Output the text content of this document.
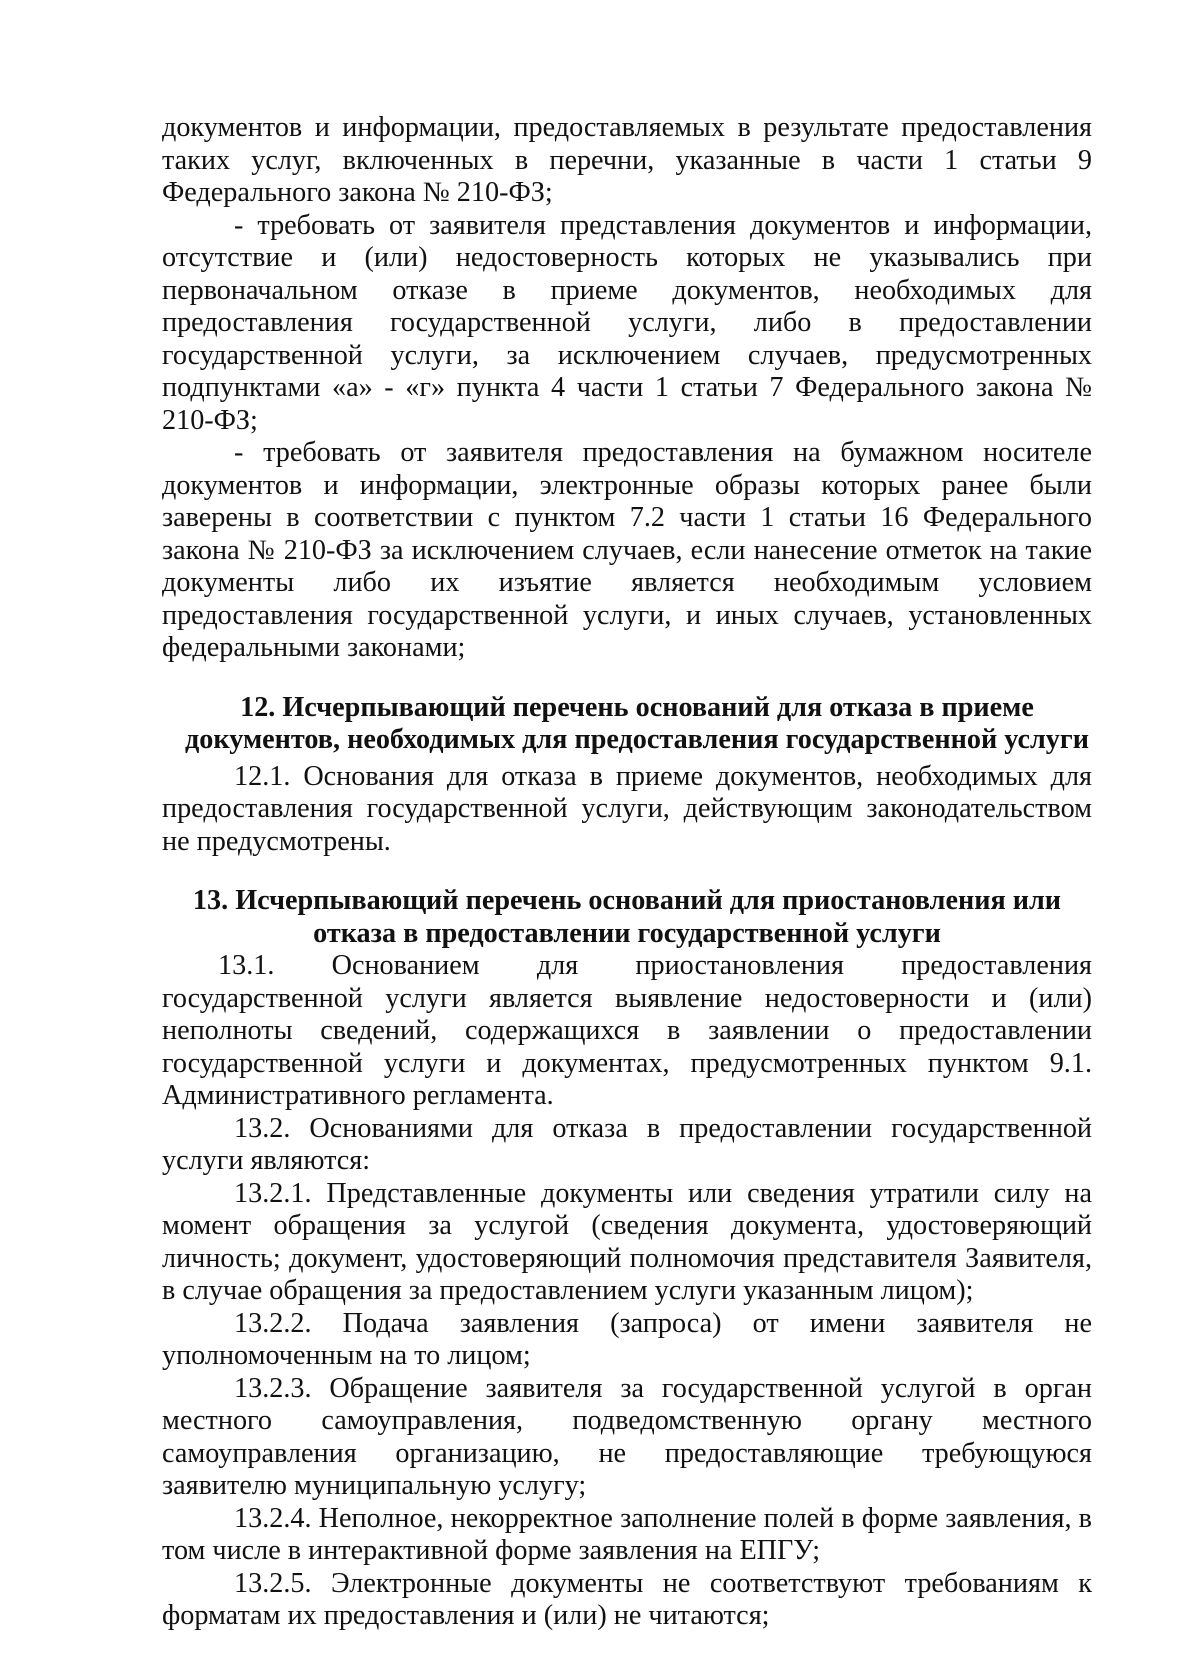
документов и информации, предоставляемых в результате предоставления таких услуг, включенных в перечни, указанные в части 1 статьи 9 Федерального закона № 210-ФЗ;

- требовать от заявителя представления документов и информации, отсутствие и (или) недостоверность которых не указывались при первоначальном отказе в приеме документов, необходимых для предоставления государственной услуги, либо в предоставлении государственной услуги, за исключением случаев, предусмотренных подпунктами «а» - «г» пункта 4 части 1 статьи 7 Федерального закона № 210-ФЗ;

- требовать от заявителя предоставления на бумажном носителе документов и информации, электронные образы которых ранее были заверены в соответствии с пунктом 7.2 части 1 статьи 16 Федерального закона № 210-ФЗ за исключением случаев, если нанесение отметок на такие документы либо их изъятие является необходимым условием предоставления государственной услуги, и иных случаев, установленных федеральными законами;

12. Исчерпывающий перечень оснований для отказа в приеме
документов, необходимых для предоставления государственной услуги

12.1. Основания для отказа в приеме документов, необходимых для предоставления государственной услуги, действующим законодательством не предусмотрены.

13. Исчерпывающий перечень оснований для приостановления или
отказа в предоставлении государственной услуги

13.1. Основанием для приостановления предоставления государственной услуги является выявление недостоверности и (или) неполноты сведений, содержащихся в заявлении о предоставлении государственной услуги и документах, предусмотренных пунктом 9.1. Административного регламента.

13.2. Основаниями для отказа в предоставлении государственной услуги являются:

13.2.1. Представленные документы или сведения утратили силу на момент обращения за услугой (сведения документа, удостоверяющий личность; документ, удостоверяющий полномочия представителя Заявителя, в случае обращения за предоставлением услуги указанным лицом);

13.2.2. Подача заявления (запроса) от имени заявителя не уполномоченным на то лицом;

13.2.3. Обращение заявителя за государственной услугой в орган местного самоуправления, подведомственную органу местного самоуправления организацию, не предоставляющие требующуюся заявителю муниципальную услугу;

13.2.4. Неполное, некорректное заполнение полей в форме заявления, в том числе в интерактивной форме заявления на ЕПГУ;

13.2.5. Электронные документы не соответствуют требованиям к форматам их предоставления и (или) не читаются;
